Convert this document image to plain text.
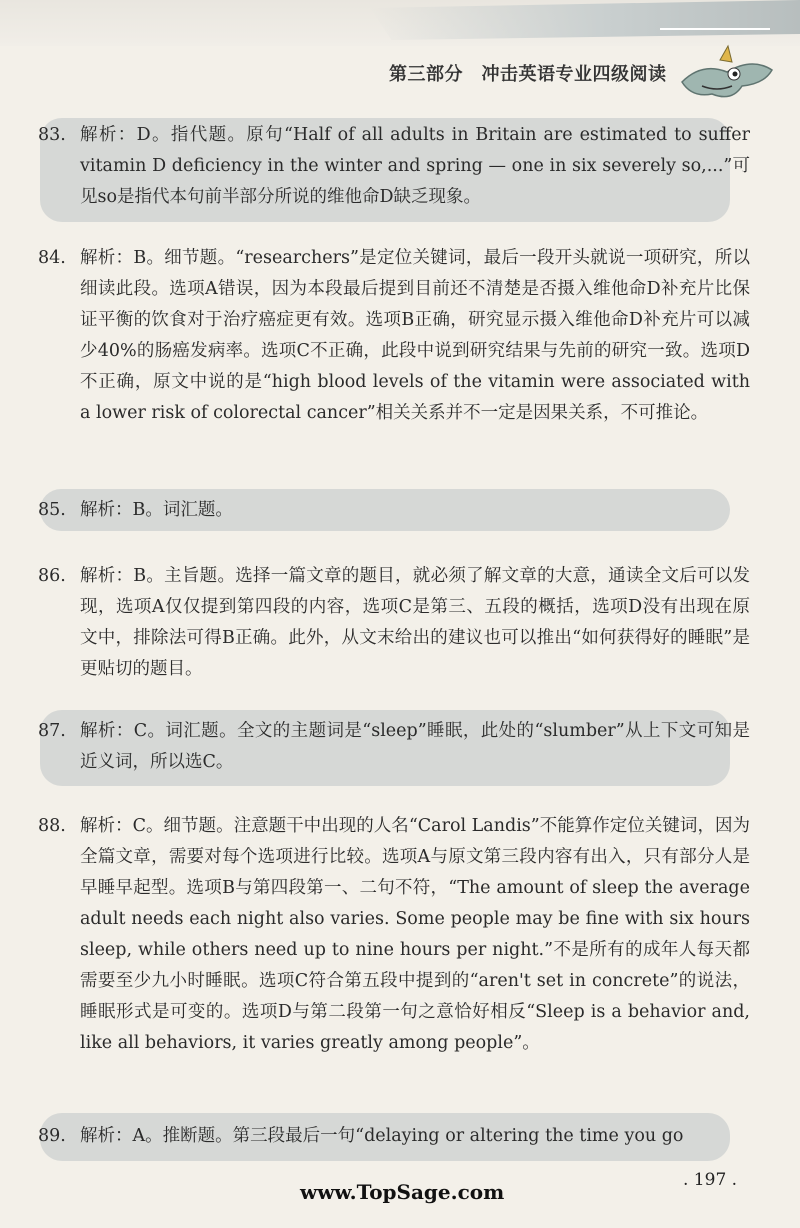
第三部分　冲击英语专业四级阅读
83. 解析：D。指代题。原句“Half of all adults in Britain are estimated to suffer vitamin D deficiency in the winter and spring — one in six severely so,...”可见so是指代本句前半部分所说的维他命D缺乏现象。
84. 解析：B。细节题。“researchers”是定位关键词，最后一段开头就说一项研究，所以细读此段。选项A错误，因为本段最后提到目前还不清楚是否摄入维他命D补充片比保证平衡的饮食对于治疗癌症更有效。选项B正确，研究显示摄入维他命D补充片可以减少40%的肠癌发病率。选项C不正确，此段中说到研究结果与先前的研究一致。选项D不正确，原文中说的是“high blood levels of the vitamin were associated with a lower risk of colorectal cancer”相关关系并不一定是因果关系，不可推论。
85. 解析：B。词汇题。
86. 解析：B。主旨题。选择一篇文章的题目，就必须了解文章的大意，通读全文后可以发现，选项A仅仅提到第四段的内容，选项C是第三、五段的概括，选项D没有出现在原文中，排除法可得B正确。此外，从文末给出的建议也可以推出“如何获得好的睡眠”是更贴切的题目。
87. 解析：C。词汇题。全文的主题词是“sleep”睡眠，此处的“slumber”从上下文可知是近义词，所以选C。
88. 解析：C。细节题。注意题干中出现的人名“Carol Landis”不能算作定位关键词，因为全篇文章，需要对每个选项进行比较。选项A与原文第三段内容有出入，只有部分人是早睡早起型。选项B与第四段第一、二句不符，“The amount of sleep the average adult needs each night also varies. Some people may be fine with six hours sleep, while others need up to nine hours per night.”不是所有的成年人每天都需要至少九小时睡眠。选项C符合第五段中提到的“aren't set in concrete”的说法，睡眠形式是可变的。选项D与第二段第一句之意恰好相反“Sleep is a behavior and, like all behaviors, it varies greatly among people”。
89. 解析：A。推断题。第三段最后一句“delaying or altering the time you go
. 197 .
www.TopSage.com
